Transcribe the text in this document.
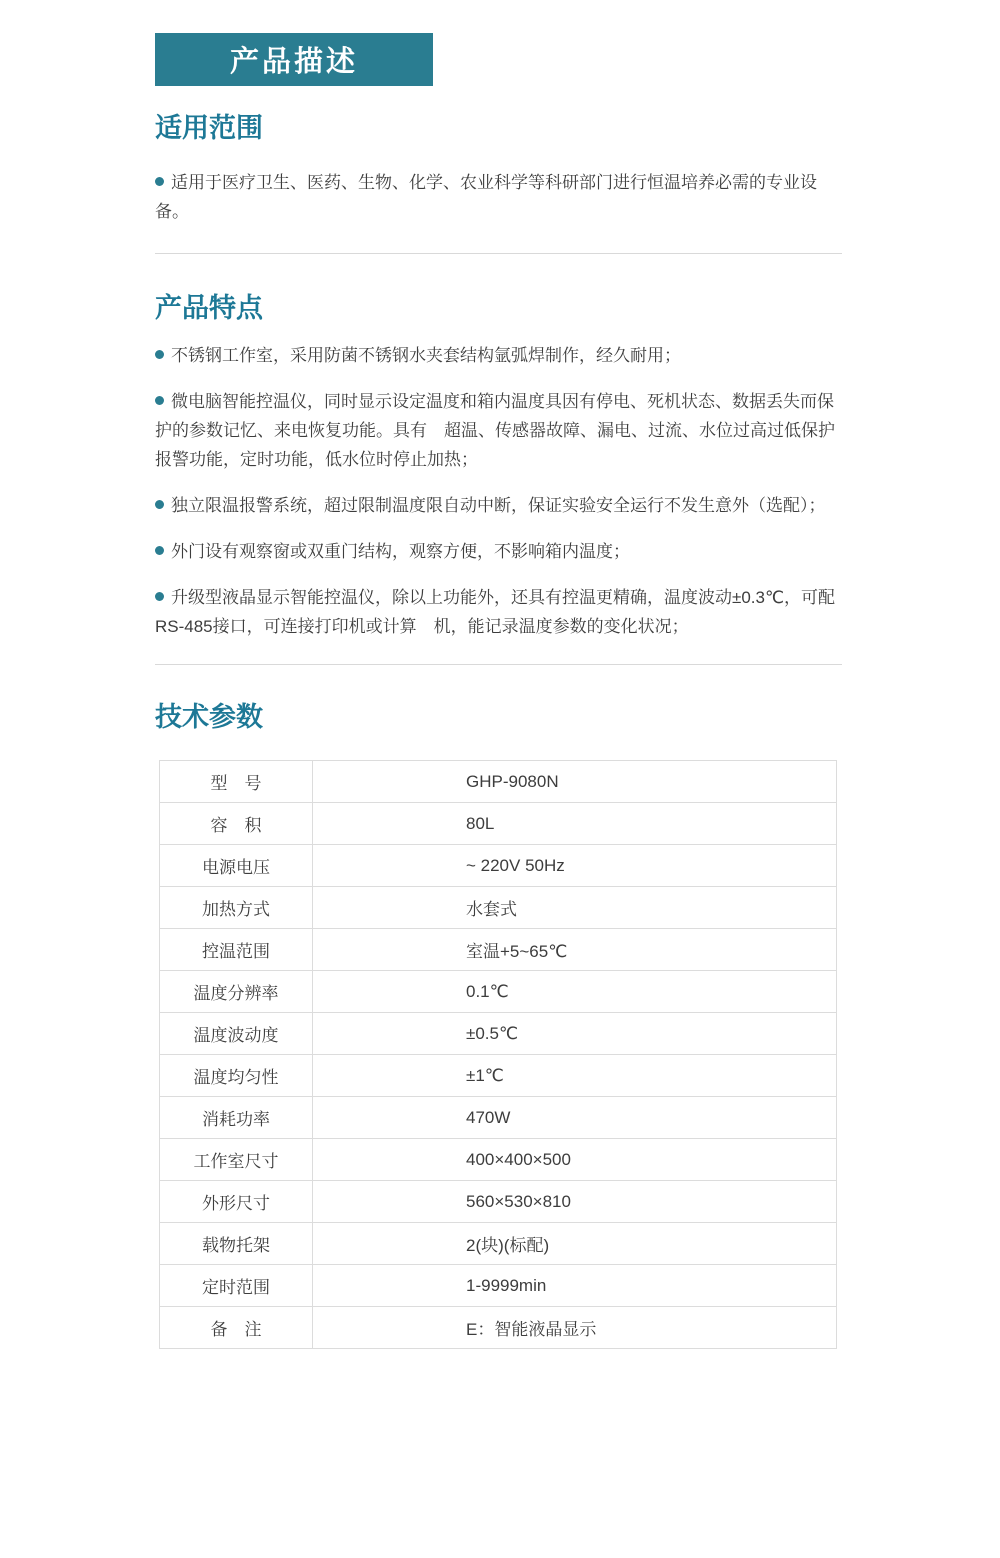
产品描述
适用范围

适用于医疗卫生、医药、生物、化学、农业科学等科研部门进行恒温培养必需的专业设备。

产品特点

不锈钢工作室，采用防菌不锈钢水夹套结构氩弧焊制作，经久耐用；

微电脑智能控温仪，同时显示设定温度和箱内温度具因有停电、死机状态、数据丢失而保护的参数记忆、来电恢复功能。具有　超温、传感器故障、漏电、过流、水位过高过低保护报警功能，定时功能，低水位时停止加热；

独立限温报警系统，超过限制温度限自动中断，保证实验安全运行不发生意外（选配）；

外门设有观察窗或双重门结构，观察方便，不影响箱内温度；

升级型液晶显示智能控温仪，除以上功能外，还具有控温更精确，温度波动±0.3℃，可配RS-485接口，可连接打印机或计算　机，能记录温度参数的变化状况；

技术参数
型　号	GHP-9080N
容　积	80L
电源电压	~ 220V 50Hz
加热方式	水套式
控温范围	室温+5~65℃
温度分辨率	0.1℃
温度波动度	±0.5℃
温度均匀性	±1℃
消耗功率	470W
工作室尺寸	400×400×500
外形尺寸	560×530×810
载物托架	2(块)(标配)
定时范围	1-9999min
备　注	E：智能液晶显示
